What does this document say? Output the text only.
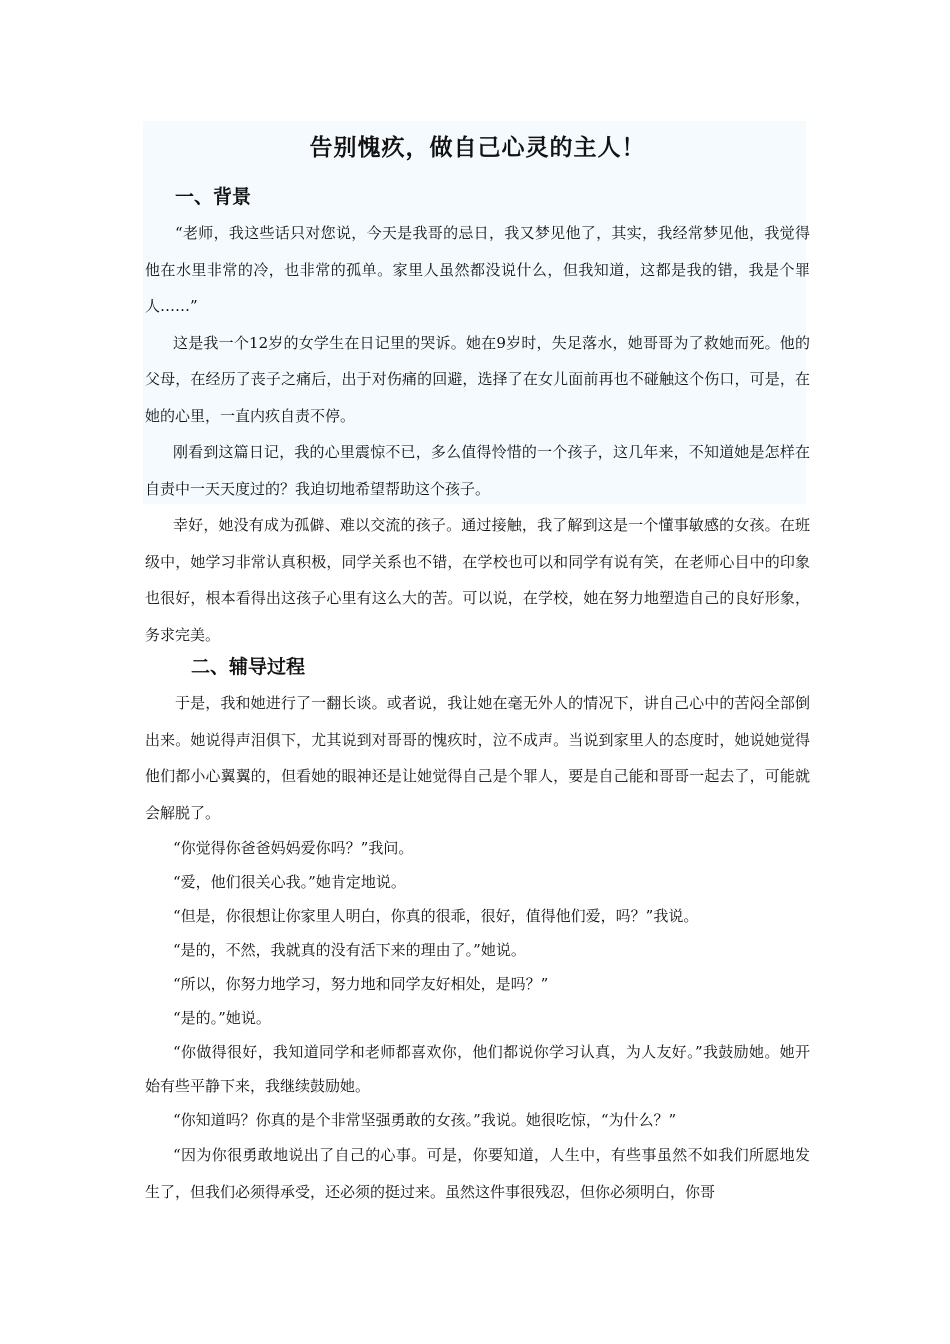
告别愧疚，做自己心灵的主人！
一、背景

“老师，我这些话只对您说，今天是我哥的忌日，我又梦见他了，其实，我经常梦见他，我觉得他在水里非常的冷，也非常的孤单。家里人虽然都没说什么，但我知道，这都是我的错，我是个罪人……”

这是我一个12岁的女学生在日记里的哭诉。她在9岁时，失足落水，她哥哥为了救她而死。他的父母，在经历了丧子之痛后，出于对伤痛的回避，选择了在女儿面前再也不碰触这个伤口，可是，在她的心里，一直内疚自责不停。

刚看到这篇日记，我的心里震惊不已，多么值得怜惜的一个孩子，这几年来，不知道她是怎样在自责中一天天度过的？我迫切地希望帮助这个孩子。

幸好，她没有成为孤僻、难以交流的孩子。通过接触，我了解到这是一个懂事敏感的女孩。在班级中，她学习非常认真积极，同学关系也不错，在学校也可以和同学有说有笑，在老师心目中的印象也很好，根本看得出这孩子心里有这么大的苦。可以说，在学校，她在努力地塑造自己的良好形象，务求完美。

二、辅导过程

于是，我和她进行了一翻长谈。或者说，我让她在毫无外人的情况下，讲自己心中的苦闷全部倒出来。她说得声泪俱下，尤其说到对哥哥的愧疚时，泣不成声。当说到家里人的态度时，她说她觉得他们都小心翼翼的，但看她的眼神还是让她觉得自己是个罪人，要是自己能和哥哥一起去了，可能就会解脱了。

“你觉得你爸爸妈妈爱你吗？”我问。

“爱，他们很关心我。”她肯定地说。

“但是，你很想让你家里人明白，你真的很乖，很好，值得他们爱，吗？”我说。

“是的，不然，我就真的没有活下来的理由了。”她说。

“所以，你努力地学习，努力地和同学友好相处，是吗？”

“是的。”她说。

“你做得很好，我知道同学和老师都喜欢你，他们都说你学习认真，为人友好。”我鼓励她。她开始有些平静下来，我继续鼓励她。

“你知道吗？你真的是个非常坚强勇敢的女孩。”我说。她很吃惊，“为什么？”

“因为你很勇敢地说出了自己的心事。可是，你要知道，人生中，有些事虽然不如我们所愿地发生了，但我们必须得承受，还必须的挺过来。虽然这件事很残忍，但你必须明白，你哥
